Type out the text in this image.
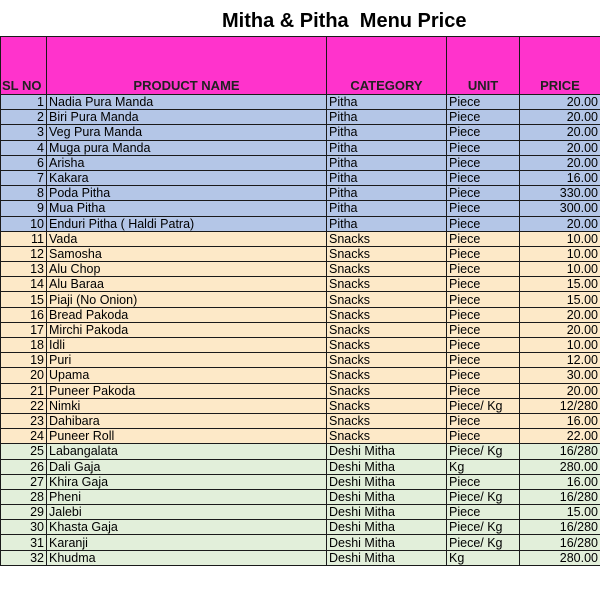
Mitha & Pitha  Menu Price
SL NO	PRODUCT NAME	CATEGORY	UNIT	PRICE
1	Nadia Pura Manda	Pitha	Piece	20.00
2	Biri Pura Manda	Pitha	Piece	20.00
3	Veg Pura Manda	Pitha	Piece	20.00
4	Muga pura Manda	Pitha	Piece	20.00
6	Arisha	Pitha	Piece	20.00
7	Kakara	Pitha	Piece	16.00
8	Poda Pitha	Pitha	Piece	330.00
9	Mua Pitha	Pitha	Piece	300.00
10	Enduri Pitha ( Haldi Patra)	Pitha	Piece	20.00
11	Vada	Snacks	Piece	10.00
12	Samosha	Snacks	Piece	10.00
13	Alu Chop	Snacks	Piece	10.00
14	Alu Baraa	Snacks	Piece	15.00
15	Piaji (No Onion)	Snacks	Piece	15.00
16	Bread Pakoda	Snacks	Piece	20.00
17	Mirchi Pakoda	Snacks	Piece	20.00
18	Idli	Snacks	Piece	10.00
19	Puri	Snacks	Piece	12.00
20	Upama	Snacks	Piece	30.00
21	Puneer Pakoda	Snacks	Piece	20.00
22	Nimki	Snacks	Piece/ Kg	12/280
23	Dahibara	Snacks	Piece	16.00
24	Puneer Roll	Snacks	Piece	22.00
25	Labangalata	Deshi Mitha	Piece/ Kg	16/280
26	Dali Gaja	Deshi Mitha	Kg	280.00
27	Khira Gaja	Deshi Mitha	Piece	16.00
28	Pheni	Deshi Mitha	Piece/ Kg	16/280
29	Jalebi	Deshi Mitha	Piece	15.00
30	Khasta Gaja	Deshi Mitha	Piece/ Kg	16/280
31	Karanji	Deshi Mitha	Piece/ Kg	16/280
32	Khudma	Deshi Mitha	Kg	280.00
